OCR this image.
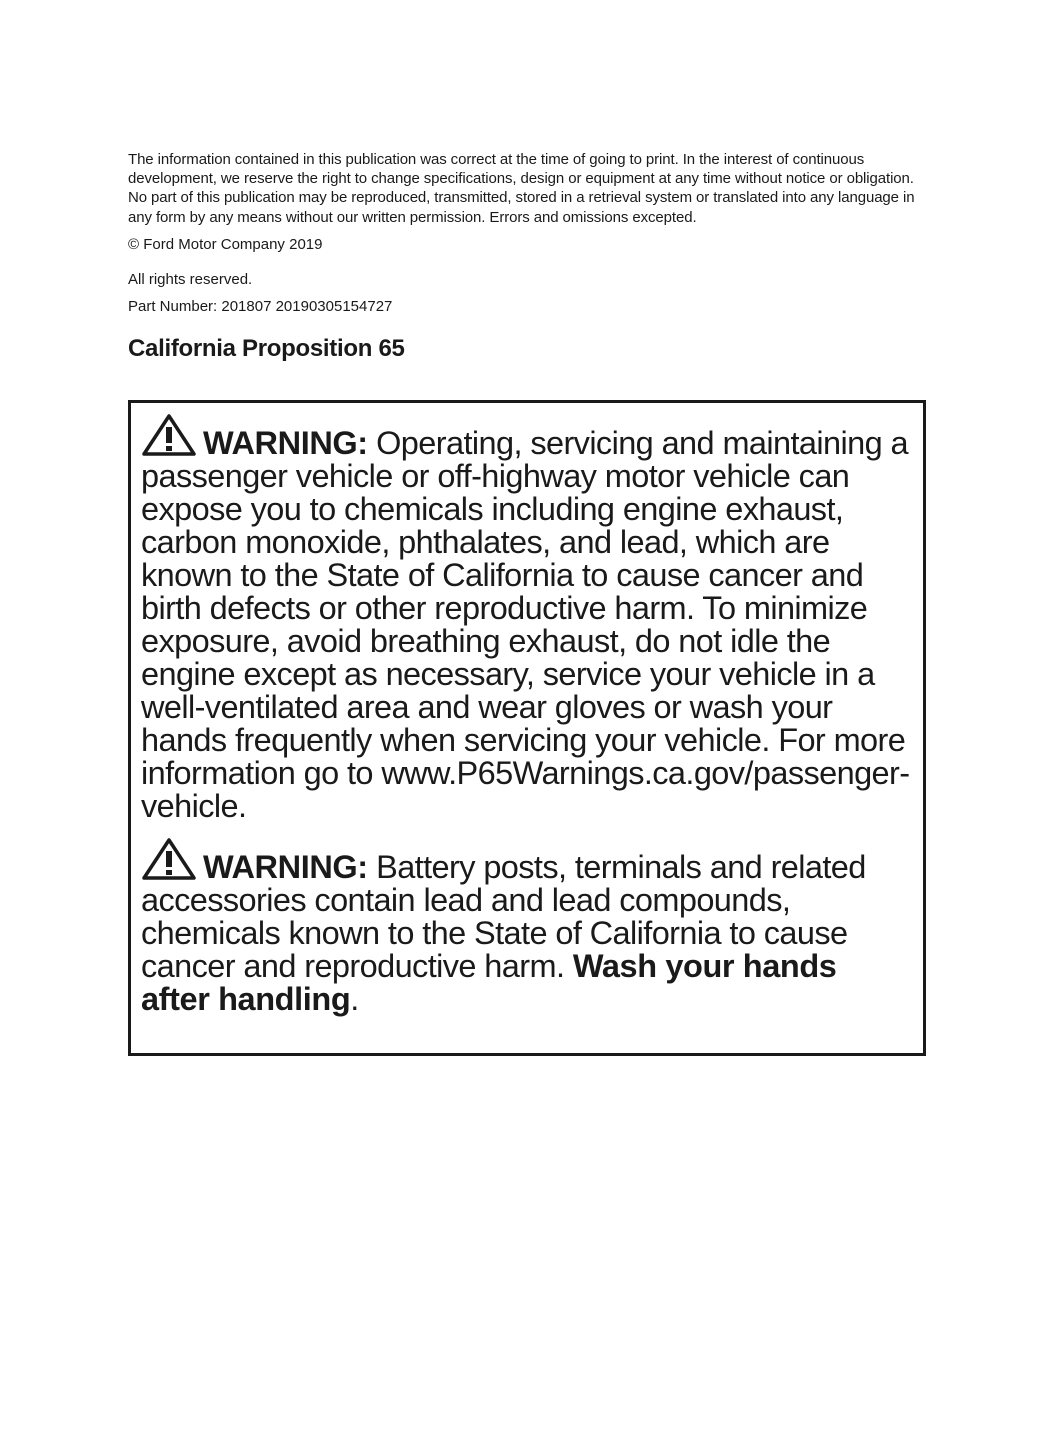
The information contained in this publication was correct at the time of going to print. In the interest of continuous development, we reserve the right to change specifications, design or equipment at any time without notice or obligation. No part of this publication may be reproduced, transmitted, stored in a retrieval system or translated into any language in any form by any means without our written permission. Errors and omissions excepted.

© Ford Motor Company 2019

All rights reserved.

Part Number: 201807 20190305154727

California Proposition 65

WARNING: Operating, servicing and maintaining a passenger vehicle or off-highway motor vehicle can expose you to chemicals including engine exhaust, carbon monoxide, phthalates, and lead, which are known to the State of California to cause cancer and birth defects or other reproductive harm. To minimize exposure, avoid breathing exhaust, do not idle the engine except as necessary, service your vehicle in a well-ventilated area and wear gloves or wash your hands frequently when servicing your vehicle. For more information go to www.P65Warnings.ca.gov/passenger-vehicle.

WARNING: Battery posts, terminals and related accessories contain lead and lead compounds, chemicals known to the State of California to cause cancer and reproductive harm. Wash your hands after handling.
